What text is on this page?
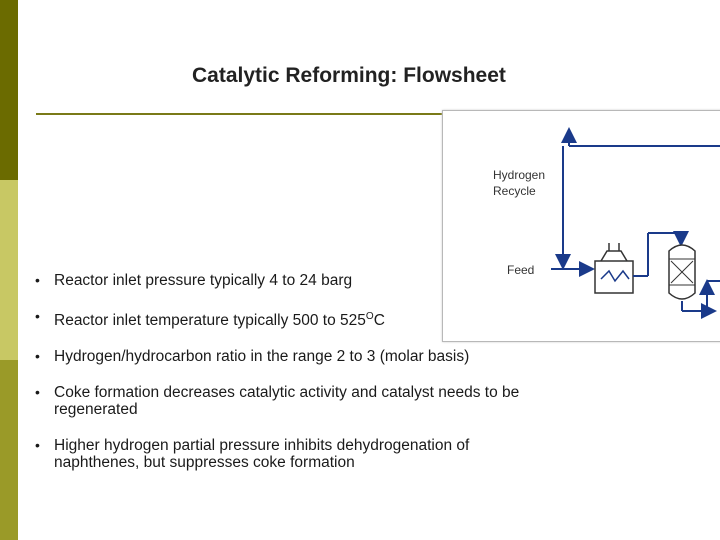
Catalytic Reforming: Flowsheet
Hydrogen
Recycle
Feed
• Reactor inlet pressure typically 4 to 24 barg
• Reactor inlet temperature typically 500 to $525^OC$
• Hydrogen/hydrocarbon ratio in the range 2 to 3 (molar basis)
• Coke formation decreases catalytic activity and catalyst needs to be regenerated
• Higher hydrogen partial pressure inhibits dehydrogenation of naphthenes, but suppresses coke formation
